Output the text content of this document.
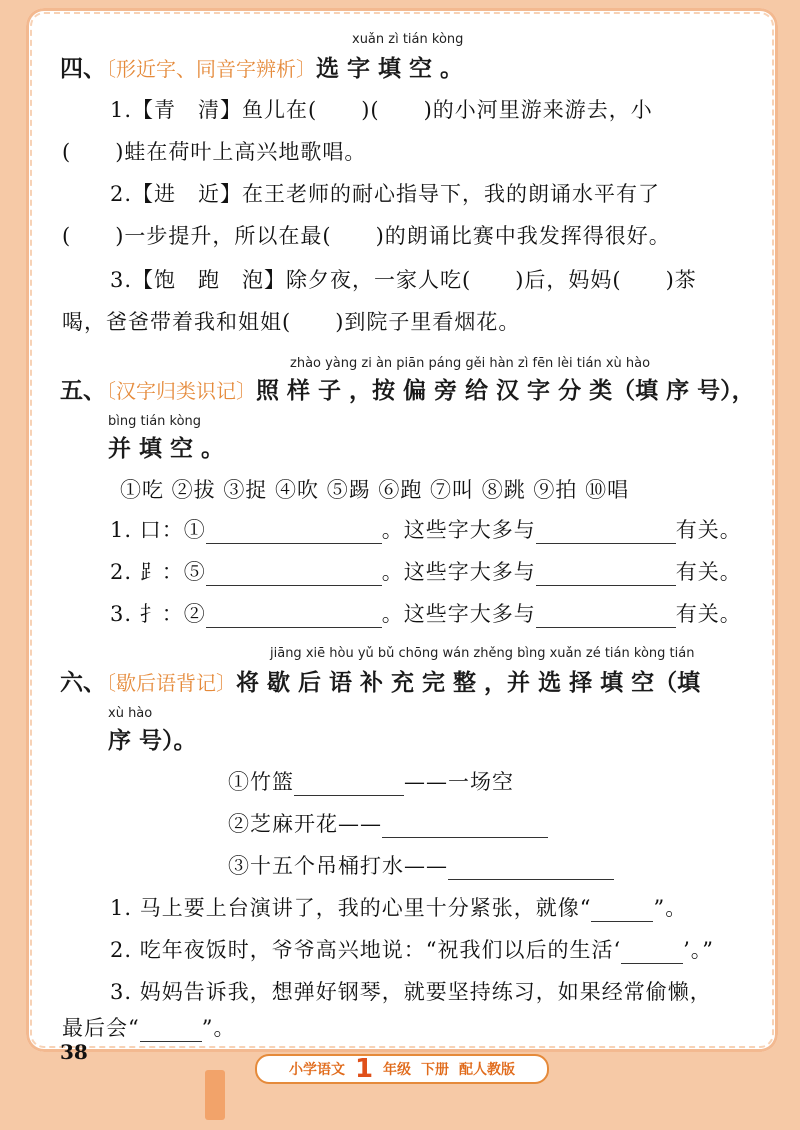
xuǎn zì tián kòng
四、〔形近字、同音字辨析〕选 字 填 空 。
1.【青　清】鱼儿在(　　)(　　)的小河里游来游去，小
(　　)蛙在荷叶上高兴地歌唱。
2.【进　近】在王老师的耐心指导下，我的朗诵水平有了
(　　)一步提升，所以在最(　　)的朗诵比赛中我发挥得很好。
3.【饱　跑　泡】除夕夜，一家人吃(　　)后，妈妈(　　)茶
喝，爸爸带着我和姐姐(　　)到院子里看烟花。
zhào yàng zi àn piān páng gěi hàn zì fēn lèi tián xù hào
五、〔汉字归类识记〕照 样 子 ，按 偏 旁 给 汉 字 分 类（填 序 号），
bìng tián kòng
并 填 空 。
①吃 ②拔 ③捉 ④吹 ⑤踢 ⑥跑 ⑦叫 ⑧跳 ⑨拍 ⑩唱
1. 口：①	。这些字大多与	有关。
2. ⻊：⑤	。这些字大多与	有关。
3. 扌：②	。这些字大多与	有关。
jiāng xiē hòu yǔ bǔ chōng wán zhěng bìng xuǎn zé tián kòng tián
六、〔歇后语背记〕将 歇 后 语 补 充 完 整 ，并 选 择 填 空（填
xù hào
序 号）。
①竹篮	——一场空
②芝麻开花——
③十五个吊桶打水——
1. 马上要上台演讲了，我的心里十分紧张，就像“	”。
2. 吃年夜饭时，爷爷高兴地说：“祝我们以后的生活‘	’。”
3. 妈妈告诉我，想弹好钢琴，就要坚持练习，如果经常偷懒，
最后会“	”。
38
小学语文 1 年级 下册 配人教版
